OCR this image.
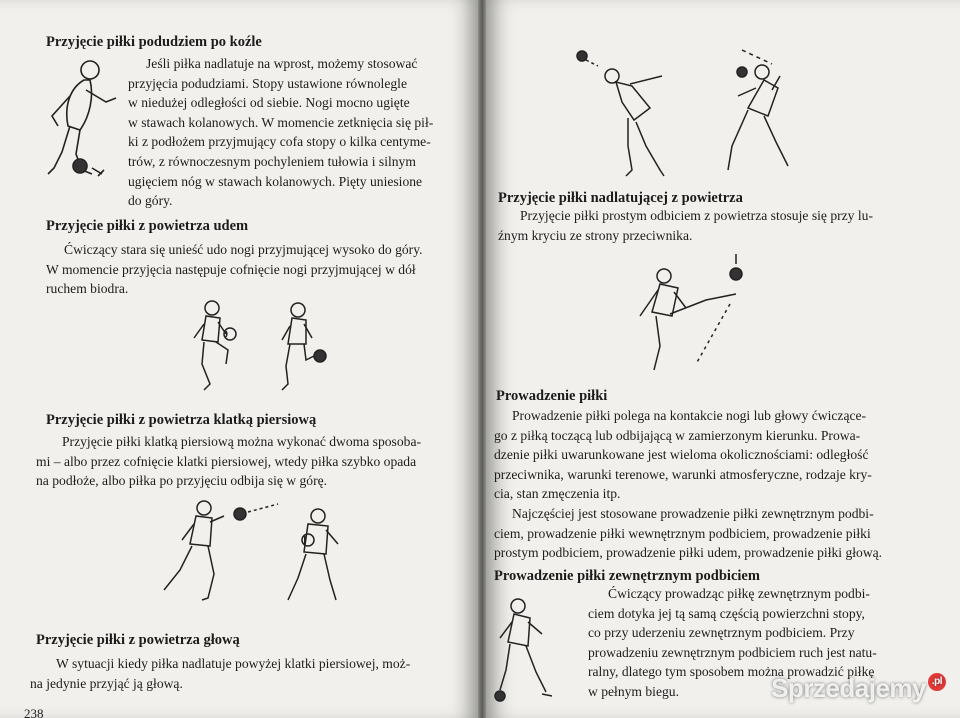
Przyjęcie piłki podudziem po koźle
Jeśli piłka nadlatuje na wprost, możemy stosować
przyjęcia podudziami. Stopy ustawione równolegle
w niedużej odległości od siebie. Nogi mocno ugięte
w stawach kolanowych. W momencie zetknięcia się pił-
ki z podłożem przyjmujący cofa stopy o kilka centyme-
trów, z równoczesnym pochyleniem tułowia i silnym
ugięciem nóg w stawach kolanowych. Pięty uniesione
do góry.
Przyjęcie piłki z powietrza udem
Ćwiczący stara się unieść udo nogi przyjmującej wysoko do góry.
W momencie przyjęcia następuje cofnięcie nogi przyjmującej w dół
ruchem biodra.
Przyjęcie piłki z powietrza klatką piersiową
Przyjęcie piłki klatką piersiową można wykonać dwoma sposoba-
mi – albo przez cofnięcie klatki piersiowej, wtedy piłka szybko opada
na podłoże, albo piłka po przyjęciu odbija się w górę.
Przyjęcie piłki z powietrza głową
W sytuacji kiedy piłka nadlatuje powyżej klatki piersiowej, moż-
na jedynie przyjąć ją głową.
238
Przyjęcie piłki nadlatującej z powietrza
Przyjęcie piłki prostym odbiciem z powietrza stosuje się przy lu-
źnym kryciu ze strony przeciwnika.
Prowadzenie piłki
Prowadzenie piłki polega na kontakcie nogi lub głowy ćwiczące-
go z piłką toczącą lub odbijającą w zamierzonym kierunku. Prowa-
dzenie piłki uwarunkowane jest wieloma okolicznościami: odległość
przeciwnika, warunki terenowe, warunki atmosferyczne, rodzaje kry-
cia, stan zmęczenia itp.
Najczęściej jest stosowane prowadzenie piłki zewnętrznym podbi-
ciem, prowadzenie piłki wewnętrznym podbiciem, prowadzenie piłki
prostym podbiciem, prowadzenie piłki udem, prowadzenie piłki głową.
Prowadzenie piłki zewnętrznym podbiciem
Ćwiczący prowadząc piłkę zewnętrznym podbi-
ciem dotyka jej tą samą częścią powierzchni stopy,
co przy uderzeniu zewnętrznym podbiciem. Przy
prowadzeniu zewnętrznym podbiciem ruch jest natu-
ralny, dlatego tym sposobem można prowadzić piłkę
w pełnym biegu.	Sprzedajemy .pl
